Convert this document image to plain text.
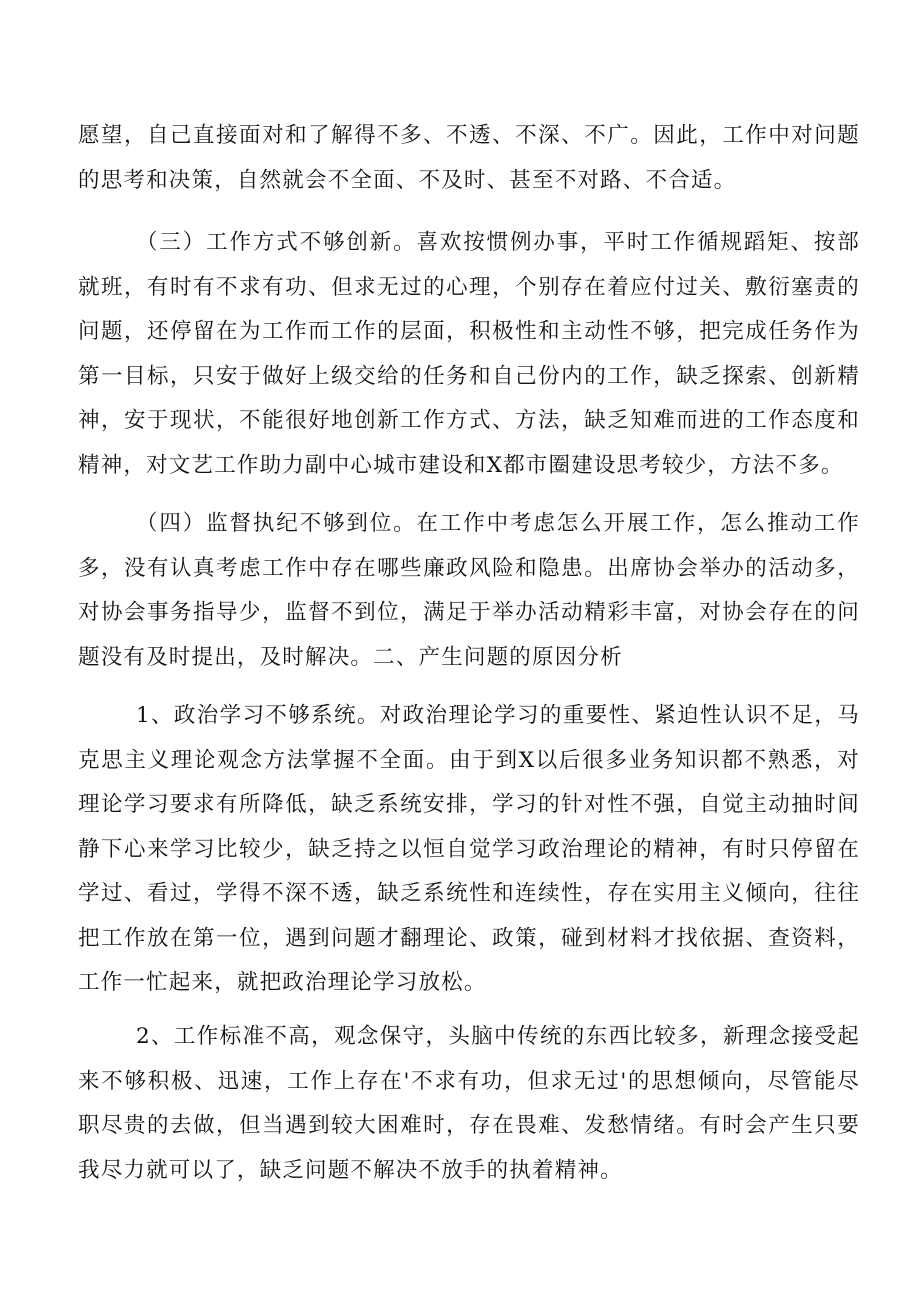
愿望，自己直接面对和了解得不多、不透、不深、不广。因此，工作中对问题的思考和决策，自然就会不全面、不及时、甚至不对路、不合适。

（三）工作方式不够创新。喜欢按惯例办事，平时工作循规蹈矩、按部就班，有时有不求有功、但求无过的心理，个别存在着应付过关、敷衍塞责的问题，还停留在为工作而工作的层面，积极性和主动性不够，把完成任务作为第一目标，只安于做好上级交给的任务和自己份内的工作，缺乏探索、创新精神，安于现状，不能很好地创新工作方式、方法，缺乏知难而进的工作态度和精神，对文艺工作助力副中心城市建设和X都市圈建设思考较少，方法不多。

（四）监督执纪不够到位。在工作中考虑怎么开展工作，怎么推动工作多，没有认真考虑工作中存在哪些廉政风险和隐患。出席协会举办的活动多，对协会事务指导少，监督不到位，满足于举办活动精彩丰富，对协会存在的问题没有及时提出，及时解决。二、产生问题的原因分析

1、政治学习不够系统。对政治理论学习的重要性、紧迫性认识不足，马克思主义理论观念方法掌握不全面。由于到X以后很多业务知识都不熟悉，对理论学习要求有所降低，缺乏系统安排，学习的针对性不强，自觉主动抽时间静下心来学习比较少，缺乏持之以恒自觉学习政治理论的精神，有时只停留在学过、看过，学得不深不透，缺乏系统性和连续性，存在实用主义倾向，往往把工作放在第一位，遇到问题才翻理论、政策，碰到材料才找依据、查资料，工作一忙起来，就把政治理论学习放松。

2、工作标准不高，观念保守，头脑中传统的东西比较多，新理念接受起来不够积极、迅速，工作上存在'不求有功，但求无过'的思想倾向，尽管能尽职尽贵的去做，但当遇到较大困难时，存在畏难、发愁情绪。有时会产生只要我尽力就可以了，缺乏问题不解决不放手的执着精神。
